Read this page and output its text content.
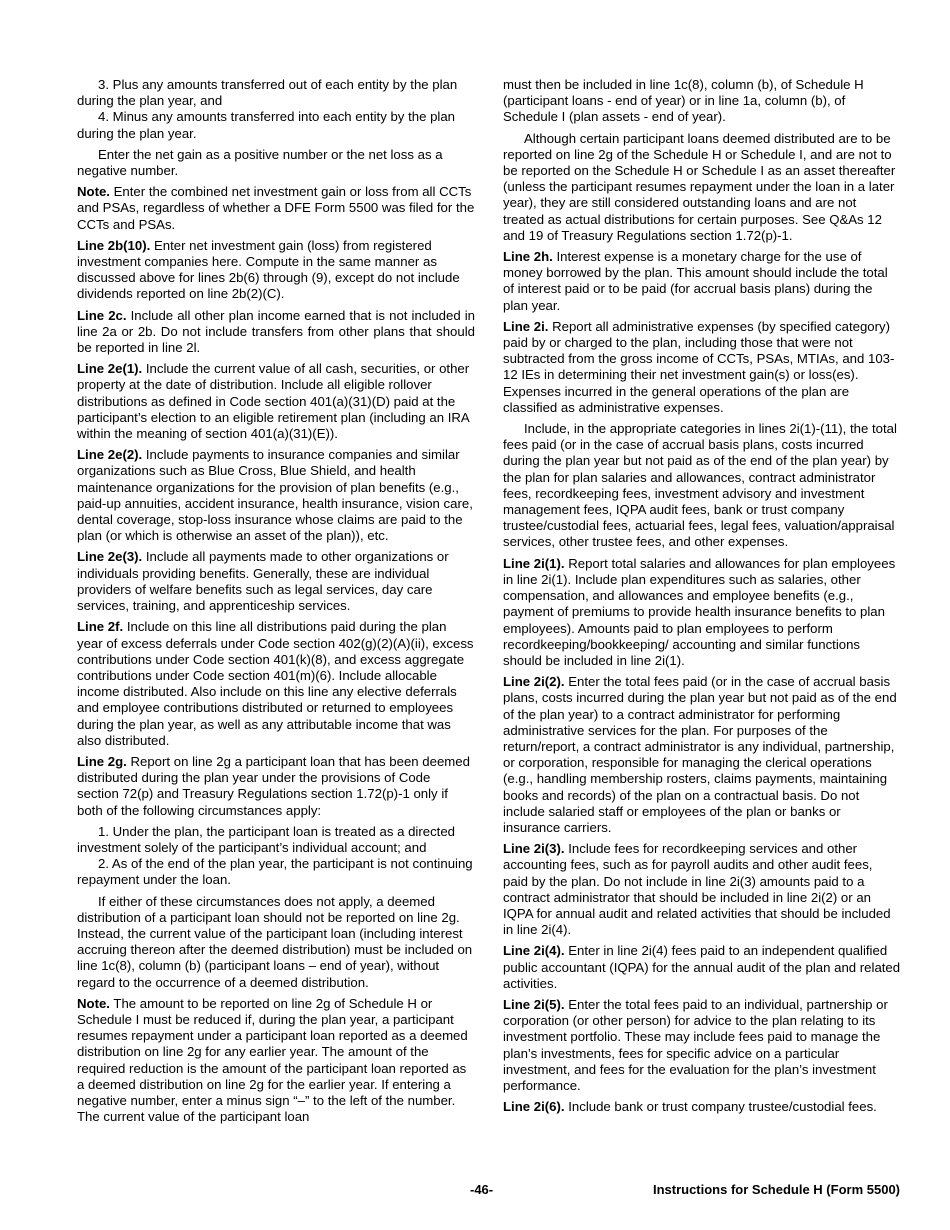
3. Plus any amounts transferred out of each entity by the plan during the plan year, and

4. Minus any amounts transferred into each entity by the plan during the plan year.

Enter the net gain as a positive number or the net loss as a negative number.

Note. Enter the combined net investment gain or loss from all CCTs and PSAs, regardless of whether a DFE Form 5500 was filed for the CCTs and PSAs.

Line 2b(10). Enter net investment gain (loss) from registered investment companies here. Compute in the same manner as discussed above for lines 2b(6) through (9), except do not include dividends reported on line 2b(2)(C).

Line 2c. Include all other plan income earned that is not included in line 2a or 2b. Do not include transfers from other plans that should be reported in line 2l.

Line 2e(1). Include the current value of all cash, securities, or other property at the date of distribution. Include all eligible rollover distributions as defined in Code section 401(a)(31)(D) paid at the participant’s election to an eligible retirement plan (including an IRA within the meaning of section 401(a)(31)(E)).

Line 2e(2). Include payments to insurance companies and similar organizations such as Blue Cross, Blue Shield, and health maintenance organizations for the provision of plan benefits (e.g., paid-up annuities, accident insurance, health insurance, vision care, dental coverage, stop-loss insurance whose claims are paid to the plan (or which is otherwise an asset of the plan)), etc.

Line 2e(3). Include all payments made to other organizations or individuals providing benefits. Generally, these are individual providers of welfare benefits such as legal services, day care services, training, and apprenticeship services.

Line 2f. Include on this line all distributions paid during the plan year of excess deferrals under Code section 402(g)(2)(A)(ii), excess contributions under Code section 401(k)(8), and excess aggregate contributions under Code section 401(m)(6). Include allocable income distributed. Also include on this line any elective deferrals and employee contributions distributed or returned to employees during the plan year, as well as any attributable income that was also distributed.

Line 2g. Report on line 2g a participant loan that has been deemed distributed during the plan year under the provisions of Code section 72(p) and Treasury Regulations section 1.72(p)-1 only if both of the following circumstances apply:

1. Under the plan, the participant loan is treated as a directed investment solely of the participant’s individual account; and

2. As of the end of the plan year, the participant is not continuing repayment under the loan.

If either of these circumstances does not apply, a deemed distribution of a participant loan should not be reported on line 2g. Instead, the current value of the participant loan (including interest accruing thereon after the deemed distribution) must be included on line 1c(8), column (b) (participant loans – end of year), without regard to the occurrence of a deemed distribution.

Note. The amount to be reported on line 2g of Schedule H or Schedule I must be reduced if, during the plan year, a participant resumes repayment under a participant loan reported as a deemed distribution on line 2g for any earlier year. The amount of the required reduction is the amount of the participant loan reported as a deemed distribution on line 2g for the earlier year. If entering a negative number, enter a minus sign “–” to the left of the number. The current value of the participant loan

must then be included in line 1c(8), column (b), of Schedule H (participant loans - end of year) or in line 1a, column (b), of Schedule I (plan assets - end of year).

Although certain participant loans deemed distributed are to be reported on line 2g of the Schedule H or Schedule I, and are not to be reported on the Schedule H or Schedule I as an asset thereafter (unless the participant resumes repayment under the loan in a later year), they are still considered outstanding loans and are not treated as actual distributions for certain purposes. See Q&As 12 and 19 of Treasury Regulations section 1.72(p)-1.

Line 2h. Interest expense is a monetary charge for the use of money borrowed by the plan. This amount should include the total of interest paid or to be paid (for accrual basis plans) during the plan year.

Line 2i. Report all administrative expenses (by specified category) paid by or charged to the plan, including those that were not subtracted from the gross income of CCTs, PSAs, MTIAs, and 103-12 IEs in determining their net investment gain(s) or loss(es). Expenses incurred in the general operations of the plan are classified as administrative expenses.

Include, in the appropriate categories in lines 2i(1)-(11), the total fees paid (or in the case of accrual basis plans, costs incurred during the plan year but not paid as of the end of the plan year) by the plan for plan salaries and allowances, contract administrator fees, recordkeeping fees, investment advisory and investment management fees, IQPA audit fees, bank or trust company trustee/custodial fees, actuarial fees, legal fees, valuation/appraisal services, other trustee fees, and other expenses.

Line 2i(1). Report total salaries and allowances for plan employees in line 2i(1). Include plan expenditures such as salaries, other compensation, and allowances and employee benefits (e.g., payment of premiums to provide health insurance benefits to plan employees). Amounts paid to plan employees to perform recordkeeping/bookkeeping/ accounting and similar functions should be included in line 2i(1).

Line 2i(2). Enter the total fees paid (or in the case of accrual basis plans, costs incurred during the plan year but not paid as of the end of the plan year) to a contract administrator for performing administrative services for the plan. For purposes of the return/report, a contract administrator is any individual, partnership, or corporation, responsible for managing the clerical operations (e.g., handling membership rosters, claims payments, maintaining books and records) of the plan on a contractual basis. Do not include salaried staff or employees of the plan or banks or insurance carriers.

Line 2i(3). Include fees for recordkeeping services and other accounting fees, such as for payroll audits and other audit fees, paid by the plan. Do not include in line 2i(3) amounts paid to a contract administrator that should be included in line 2i(2) or an IQPA for annual audit and related activities that should be included in line 2i(4).

Line 2i(4). Enter in line 2i(4) fees paid to an independent qualified public accountant (IQPA) for the annual audit of the plan and related activities.

Line 2i(5). Enter the total fees paid to an individual, partnership or corporation (or other person) for advice to the plan relating to its investment portfolio. These may include fees paid to manage the plan’s investments, fees for specific advice on a particular investment, and fees for the evaluation for the plan’s investment performance.

Line 2i(6). Include bank or trust company trustee/custodial fees.

-46-	Instructions for Schedule H (Form 5500)
